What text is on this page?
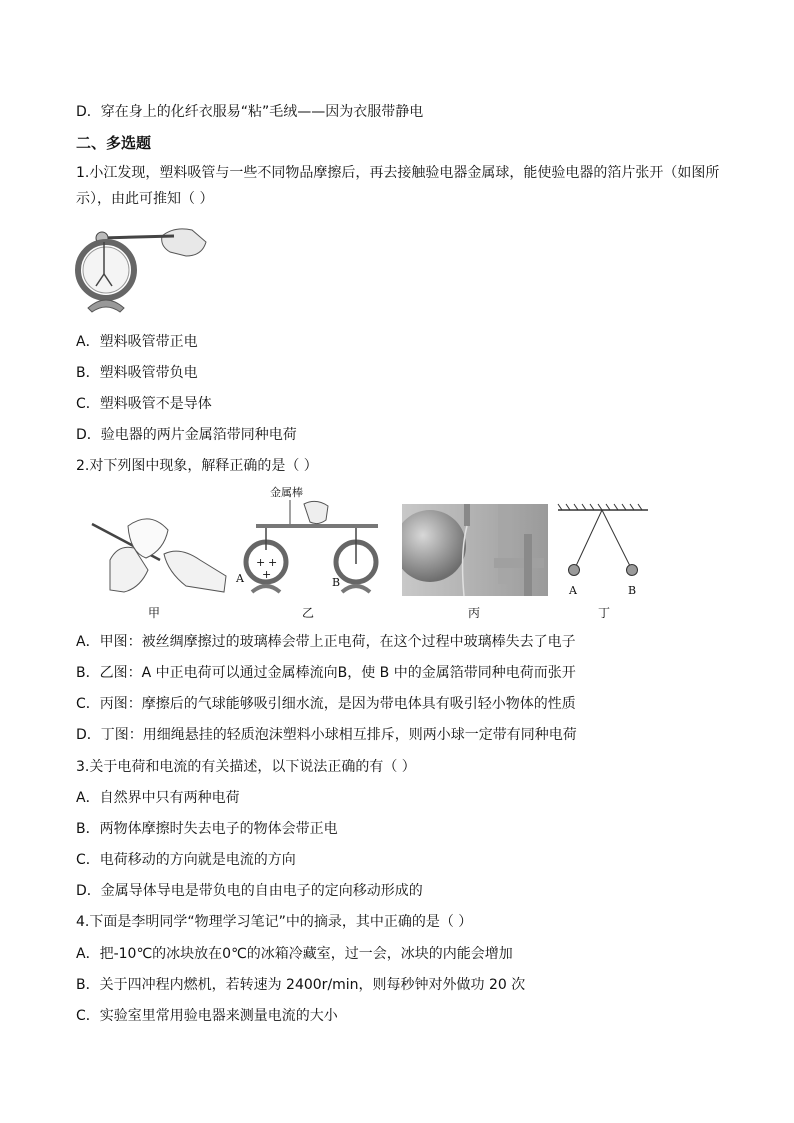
D．穿在身上的化纤衣服易“粘”毛绒——因为衣服带静电
二、多选题
1.小江发现，塑料吸管与一些不同物品摩擦后，再去接触验电器金属球，能使验电器的箔片张开（如图所示），由此可推知（ ）
A．塑料吸管带正电
B．塑料吸管带负电
C．塑料吸管不是导体
D．验电器的两片金属箔带同种电荷
2.对下列图中现象，解释正确的是（ ）
甲
金属棒
+ +
+
A	B
乙	丙
A	B
丁
A．甲图：被丝绸摩擦过的玻璃棒会带上正电荷，在这个过程中玻璃棒失去了电子
B．乙图：A 中正电荷可以通过金属棒流向B，使 B 中的金属箔带同种电荷而张开
C．丙图：摩擦后的气球能够吸引细水流，是因为带电体具有吸引轻小物体的性质
D．丁图：用细绳悬挂的轻质泡沫塑料小球相互排斥，则两小球一定带有同种电荷
3.关于电荷和电流的有关描述，以下说法正确的有（ ）
A．自然界中只有两种电荷
B．两物体摩擦时失去电子的物体会带正电
C．电荷移动的方向就是电流的方向
D．金属导体导电是带负电的自由电子的定向移动形成的
4.下面是李明同学“物理学习笔记”中的摘录，其中正确的是（ ）
A．把-10℃的冰块放在0℃的冰箱冷藏室，过一会，冰块的内能会增加
B．关于四冲程内燃机，若转速为 2400r/min，则每秒钟对外做功 20 次
C．实验室里常用验电器来测量电流的大小
